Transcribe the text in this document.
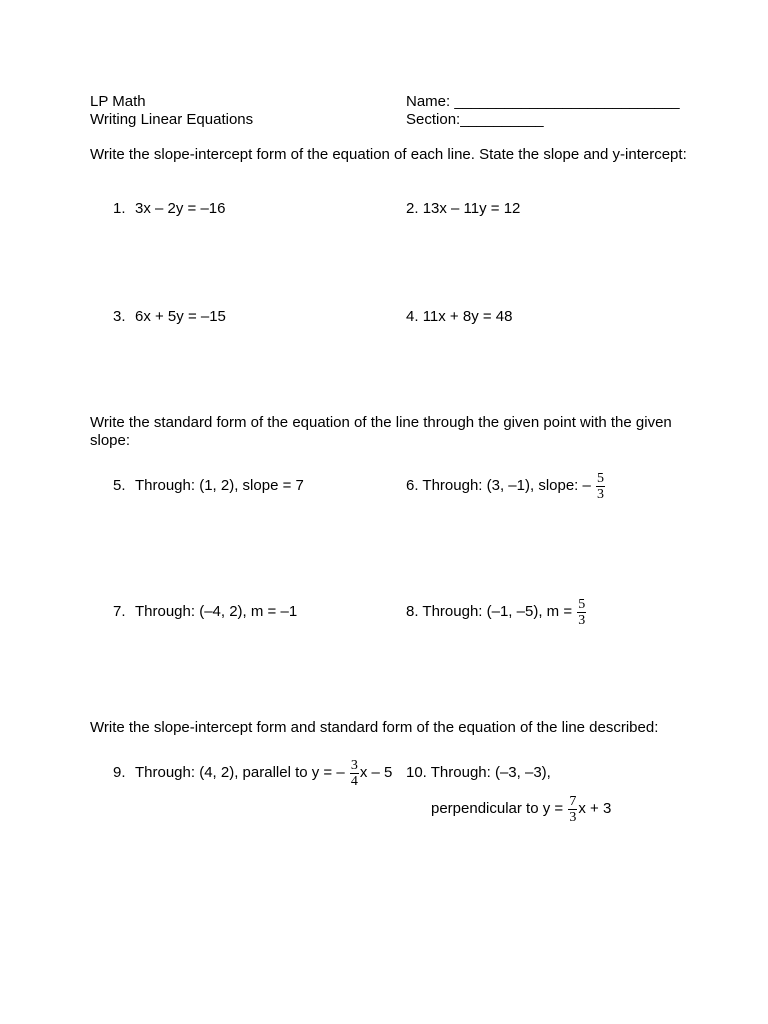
LP Math
Writing Linear Equations
Name: ___________________________
Section:__________
Write the slope-intercept form of the equation of each line. State the slope and y-intercept:
1. 3x – 2y = –16	2. 13x – 11y = 12
3. 6x + 5y = –15	4. 11x + 8y = 48
Write the standard form of the equation of the line through the given point with the given slope:
5. Through: (1, 2), slope = 7	6. Through: (3, –1), slope: – $\frac{5}{3}$
7. Through: (–4, 2), m = –1	8. Through: (–1, –5), $m = \frac{5}{3}$
Write the slope-intercept form and standard form of the equation of the line described:
9. Through: (4, 2), parallel to y = – $\frac{3}{4}$ x – 5 10. Through: (–3, –3),
perpendicular to $y = \frac{7}{3}$ x + 3
